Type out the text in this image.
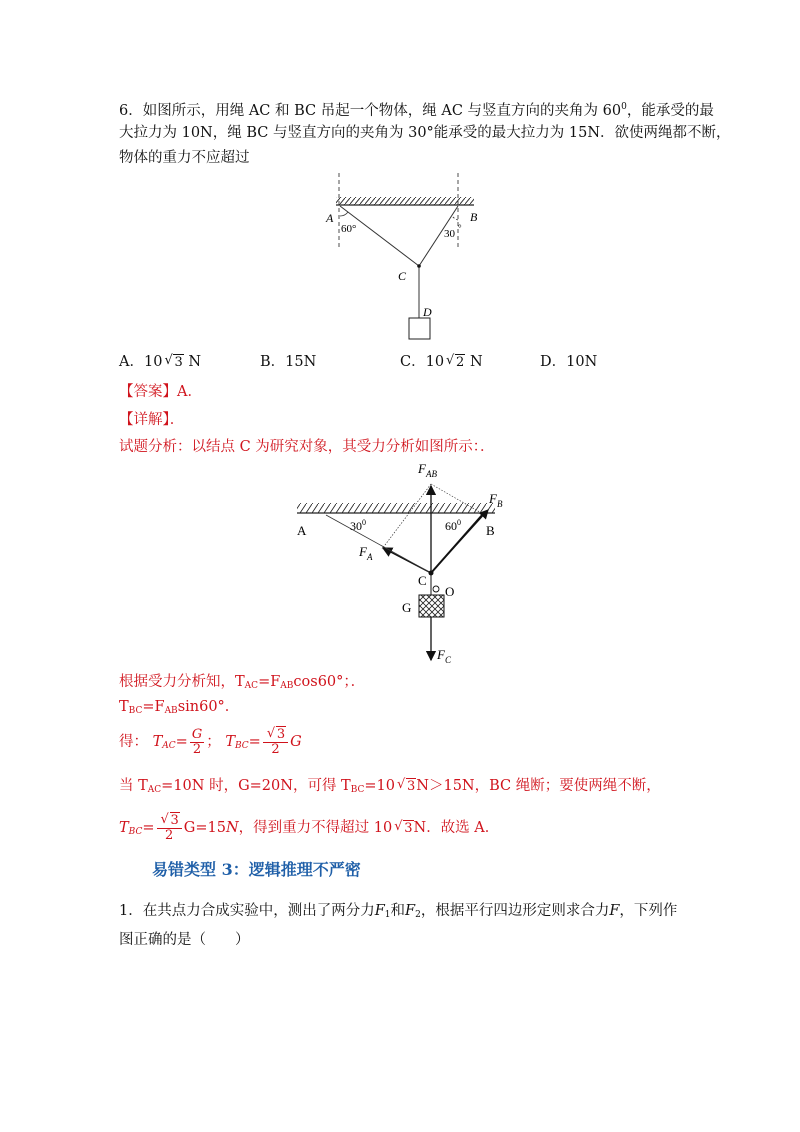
6．如图所示，用绳 AC 和 BC 吊起一个物体，绳 AC 与竖直方向的夹角为 $60^0$，能承受的最
大拉力为 10N，绳 BC 与竖直方向的夹角为 30°能承受的最大拉力为 15N．欲使两绳都不断，
物体的重力不应超过
A	B
C
D
60°	30 °
A．10√ 3 N	B．15N	C．10√ 2 N	D．10N
【答案】A．
【详解】．
试题分析：以结点 C 为研究对象，其受力分析如图所示：．
A	B
C
O
G
$30^0$	$60^0$
$F_{AB}$
$F_B$
$F_A$
$F_C$
根据受力分析知，$T_{AC}=F_{AB}\cos 60^\circ$；．
$T_{BC}=F_{AB}\sin 60^\circ$．
得： $T_{AC}= \frac{G}{2}$ ； $T_{BC}=$
√ $\frac{3}{2}$ G
当 $T_{AC}=10N$ 时，G=20N，可得 $T_{BC}=10√$ 3N＞15N，BC 绳断；要使两绳不断，
$T_{BC}=$
√ $\frac{3}{2} G=15N$，得到重力不得超过 10√ 3N．故选 A．
易错类型 3：逻辑推理不严密
1．在共点力合成实验中，测出了两分力$F_1$和$F_2$，根据平行四边形定则求合力F，下列作
图正确的是（　　）
